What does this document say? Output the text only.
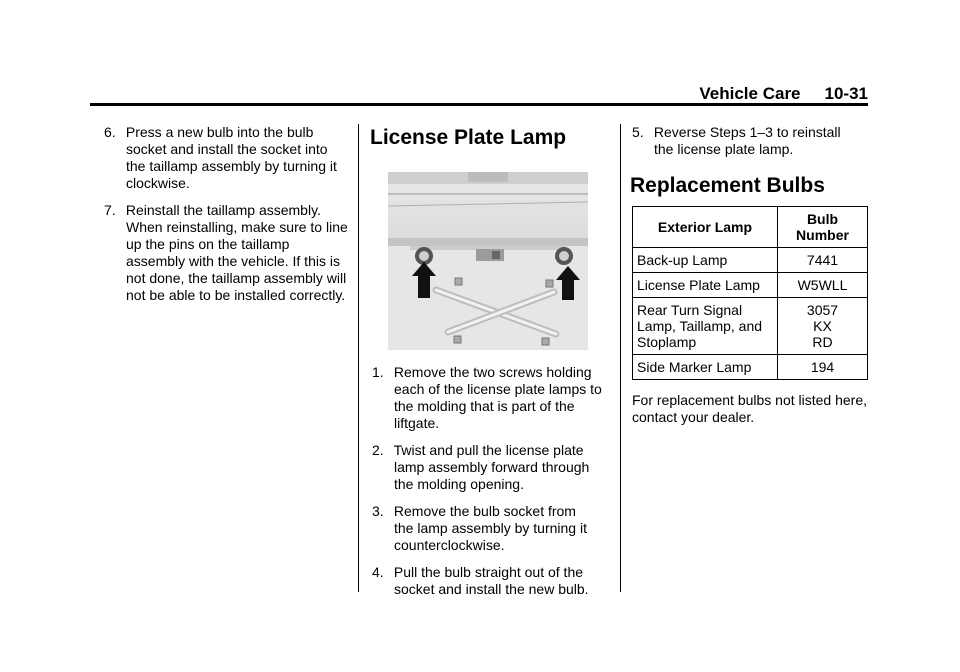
Vehicle Care 10-31
6. Press a new bulb into the bulb
socket and install the socket into the taillamp assembly by turning it clockwise.
7. Reinstall the taillamp assembly.
When reinstalling, make sure to line up the pins on the taillamp assembly with the vehicle. If this is not done, the taillamp assembly will not be able to be installed correctly.
License Plate Lamp
1. Remove the two screws holding
each of the license plate lamps to the molding that is part of the liftgate.
2. Twist and pull the license plate
lamp assembly forward through the molding opening.
3. Remove the bulb socket from
the lamp assembly by turning it counterclockwise.
4. Pull the bulb straight out of the
socket and install the new bulb.
5. Reverse Steps 1–3 to reinstall
the license plate lamp.
Replacement Bulbs
Exterior Lamp	Bulb Number
Back-up Lamp	7441
License Plate Lamp	W5WLL
Rear Turn Signal Lamp, Taillamp, and Stoplamp	3057 KX RD
Side Marker Lamp	194
For replacement bulbs not listed here, contact your dealer.
